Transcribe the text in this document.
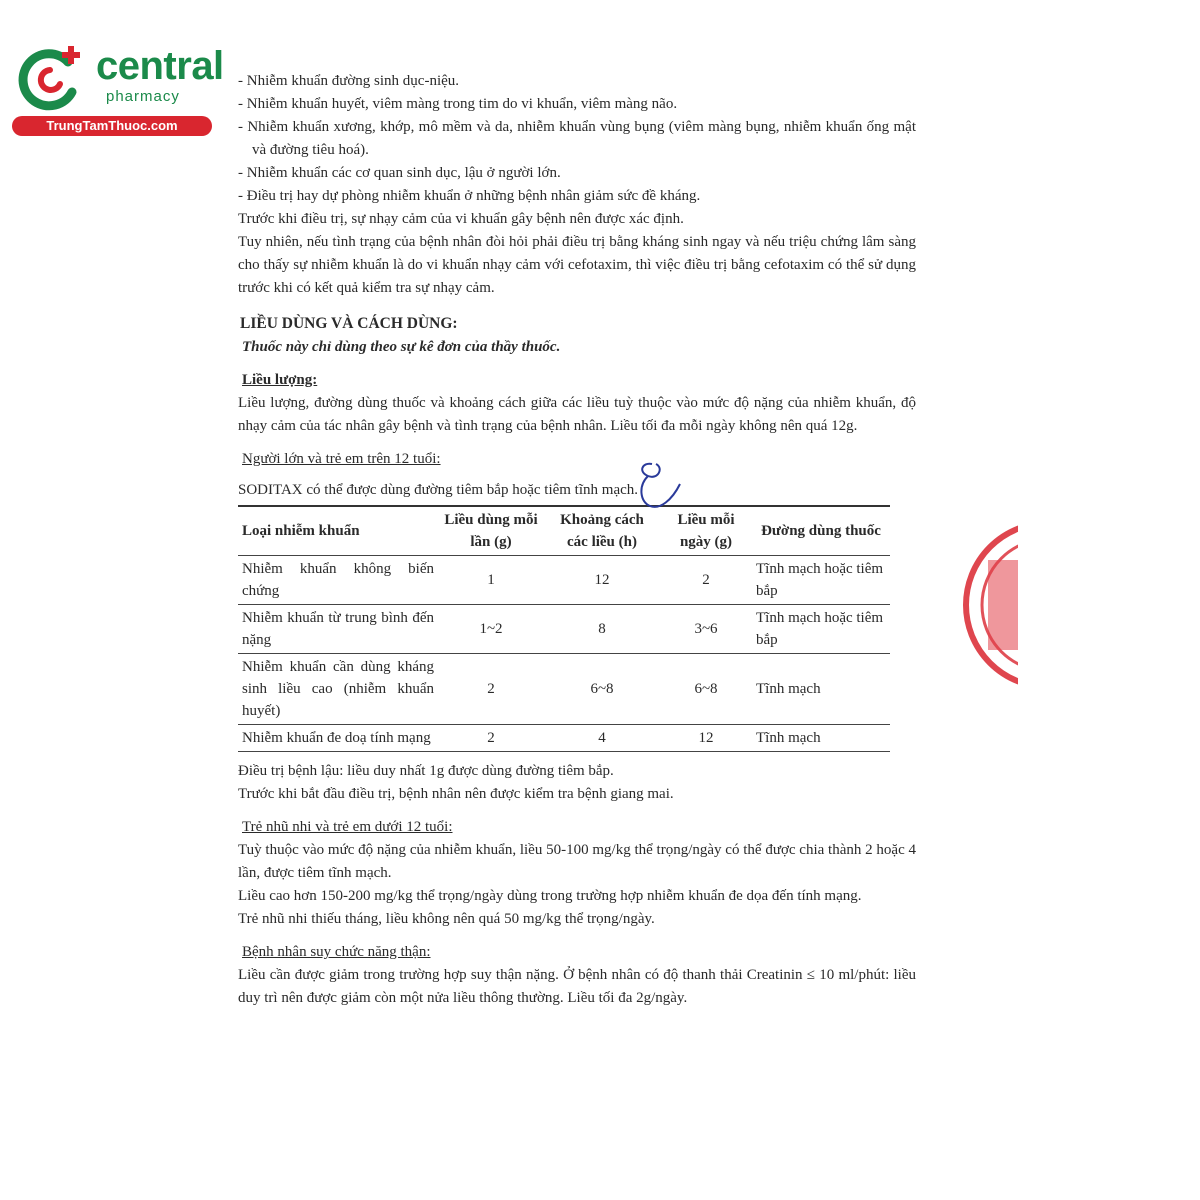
central
pharmacy
TrungTamThuoc.com

- Nhiễm khuẩn đường sinh dục-niệu.

- Nhiễm khuẩn huyết, viêm màng trong tim do vi khuẩn, viêm màng não.

- Nhiễm khuẩn xương, khớp, mô mềm và da, nhiễm khuẩn vùng bụng (viêm màng bụng, nhiễm khuẩn ống mật và đường tiêu hoá).

- Nhiễm khuẩn các cơ quan sinh dục, lậu ở người lớn.

- Điều trị hay dự phòng nhiễm khuẩn ở những bệnh nhân giảm sức đề kháng.

Trước khi điều trị, sự nhạy cảm của vi khuẩn gây bệnh nên được xác định.

Tuy nhiên, nếu tình trạng của bệnh nhân đòi hỏi phải điều trị bằng kháng sinh ngay và nếu triệu chứng lâm sàng cho thấy sự nhiễm khuẩn là do vi khuẩn nhạy cảm với cefotaxim, thì việc điều trị bằng cefotaxim có thể sử dụng trước khi có kết quả kiểm tra sự nhạy cảm.

LIỀU DÙNG VÀ CÁCH DÙNG:

Thuốc này chỉ dùng theo sự kê đơn của thầy thuốc.

Liều lượng:

Liều lượng, đường dùng thuốc và khoảng cách giữa các liều tuỳ thuộc vào mức độ nặng của nhiễm khuẩn, độ nhạy cảm của tác nhân gây bệnh và tình trạng của bệnh nhân. Liều tối đa mỗi ngày không nên quá 12g.

Người lớn và trẻ em trên 12 tuổi:

SODITAX có thể được dùng đường tiêm bắp hoặc tiêm tĩnh mạch.

Loại nhiễm khuẩn	Liều dùng mỗi lần (g)	Khoảng cách các liều (h)	Liều mỗi ngày (g)	Đường dùng thuốc
Nhiễm khuẩn không biến chứng	1	12	2	Tĩnh mạch hoặc tiêm bắp
Nhiễm khuẩn từ trung bình đến nặng	1~2	8	3~6	Tĩnh mạch hoặc tiêm bắp
Nhiễm khuẩn cần dùng kháng sinh liều cao (nhiễm khuẩn huyết)	2	6~8	6~8	Tĩnh mạch
Nhiễm khuẩn đe doạ tính mạng	2	4	12	Tĩnh mạch

Điều trị bệnh lậu: liều duy nhất 1g được dùng đường tiêm bắp.

Trước khi bắt đầu điều trị, bệnh nhân nên được kiểm tra bệnh giang mai.

Trẻ nhũ nhi và trẻ em dưới 12 tuổi:

Tuỳ thuộc vào mức độ nặng của nhiễm khuẩn, liều 50-100 mg/kg thể trọng/ngày có thể được chia thành 2 hoặc 4 lần, được tiêm tĩnh mạch.

Liều cao hơn 150-200 mg/kg thể trọng/ngày dùng trong trường hợp nhiễm khuẩn đe dọa đến tính mạng.

Trẻ nhũ nhi thiếu tháng, liều không nên quá 50 mg/kg thể trọng/ngày.

Bệnh nhân suy chức năng thận:

Liều cần được giảm trong trường hợp suy thận nặng. Ở bệnh nhân có độ thanh thải Creatinin ≤ 10 ml/phút: liều duy trì nên được giảm còn một nửa liều thông thường. Liều tối đa 2g/ngày.
